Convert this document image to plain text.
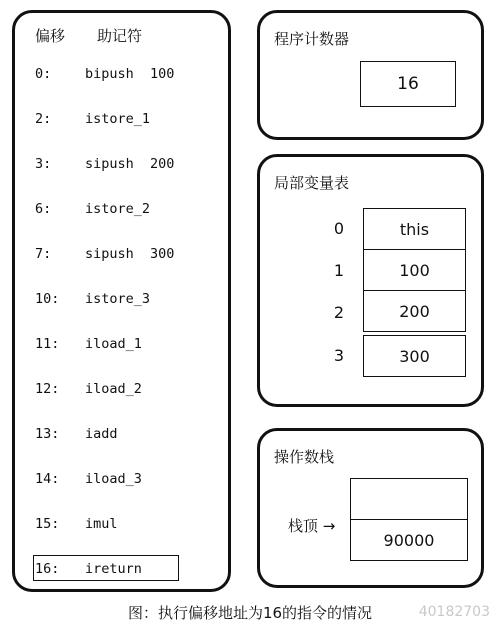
偏移 助记符
0: bipush  100
2: istore_1
3: sipush  200
6: istore_2
7: sipush  300
10: istore_3
11: iload_1
12: iload_2
13: iadd
14: iload_3
15: imul
16: ireturn
程序计数器
16
局部变量表
0
1
2
3
this
100
200
300
操作数栈
栈顶 →
90000
图：执行偏移地址为16的指令的情况	40182703
